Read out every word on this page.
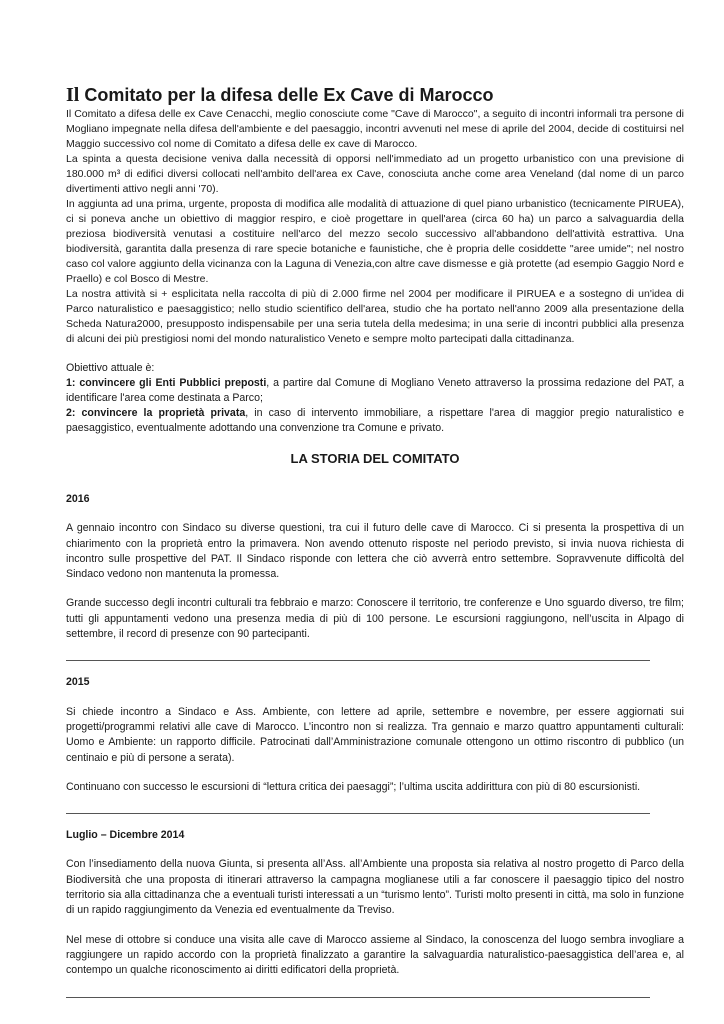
Il Comitato per la difesa delle Ex Cave di Marocco

Il Comitato a difesa delle ex Cave Cenacchi, meglio conosciute come "Cave di Marocco", a seguito di incontri informali tra persone di Mogliano impegnate nella difesa dell'ambiente e del paesaggio, incontri avvenuti nel mese di aprile del 2004, decide di costituirsi nel Maggio successivo col nome di Comitato a difesa delle ex cave di Marocco.

La spinta a questa decisione veniva dalla necessità di opporsi nell'immediato ad un progetto urbanistico con una previsione di 180.000 m³ di edifici diversi collocati nell'ambito dell'area ex Cave, conosciuta anche come area Veneland (dal nome di un parco divertimenti attivo negli anni '70).

In aggiunta ad una prima, urgente, proposta di modifica alle modalità di attuazione di quel piano urbanistico (tecnicamente PIRUEA), ci si poneva anche un obiettivo di maggior respiro, e cioè progettare in quell'area (circa 60 ha) un parco a salvaguardia della preziosa biodiversità venutasi a costituire nell'arco del mezzo secolo successivo all'abbandono dell'attività estrattiva. Una biodiversità, garantita dalla presenza di rare specie botaniche e faunistiche, che è propria delle cosiddette "aree umide"; nel nostro caso col valore aggiunto della vicinanza con la Laguna di Venezia,con altre cave dismesse e già protette (ad esempio Gaggio Nord e Praello) e col Bosco di Mestre.

La nostra attività si + esplicitata nella raccolta di più di 2.000 firme nel 2004 per modificare il PIRUEA e a sostegno di un'idea di Parco naturalistico e paesaggistico; nello studio scientifico dell'area, studio che ha portato nell'anno 2009 alla presentazione della Scheda Natura2000, presupposto indispensabile per una seria tutela della medesima; in una serie di incontri pubblici alla presenza di alcuni dei più prestigiosi nomi del mondo naturalistico Veneto e sempre molto partecipati dalla cittadinanza.

Obiettivo attuale è:

1: convincere gli Enti Pubblici preposti, a partire dal Comune di Mogliano Veneto attraverso la prossima redazione del PAT, a identificare l'area come destinata a Parco;

2: convincere la proprietà privata, in caso di intervento immobiliare, a rispettare l'area di maggior pregio naturalistico e paesaggistico, eventualmente adottando una convenzione tra Comune e privato.

LA STORIA DEL COMITATO

2016

A gennaio incontro con Sindaco su diverse questioni, tra cui il futuro delle cave di Marocco. Ci si presenta la prospettiva di un chiarimento con la proprietà entro la primavera. Non avendo ottenuto risposte nel periodo previsto, si invia nuova richiesta di incontro sulle prospettive del PAT. Il Sindaco risponde con lettera che ciò avverrà entro settembre. Sopravvenute difficoltà del Sindaco vedono non mantenuta la promessa.

Grande successo degli incontri culturali tra febbraio e marzo: Conoscere il territorio, tre conferenze e Uno sguardo diverso, tre film; tutti gli appuntamenti vedono una presenza media di più di 100 persone. Le escursioni raggiungono, nell’uscita in Alpago di settembre, il record di presenze con 90 partecipanti.

2015

Si chiede incontro a Sindaco e Ass. Ambiente, con lettere ad aprile, settembre e novembre, per essere aggiornati sui progetti/programmi relativi alle cave di Marocco. L’incontro non si realizza. Tra gennaio e marzo quattro appuntamenti culturali: Uomo e Ambiente: un rapporto difficile. Patrocinati dall’Amministrazione comunale ottengono un ottimo riscontro di pubblico (un centinaio e più di persone a serata).

Continuano con successo le escursioni di “lettura critica dei paesaggi”; l’ultima uscita addirittura con più di 80 escursionisti.

Luglio – Dicembre 2014

Con l’insediamento della nuova Giunta, si presenta all’Ass. all’Ambiente una proposta sia relativa al nostro progetto di Parco della Biodiversità che una proposta di itinerari attraverso la campagna moglianese utili a far conoscere il paesaggio tipico del nostro territorio sia alla cittadinanza che a eventuali turisti interessati a un “turismo lento”. Turisti molto presenti in città, ma solo in funzione di un rapido raggiungimento da Venezia ed eventualmente da Treviso.

Nel mese di ottobre si conduce una visita alle cave di Marocco assieme al Sindaco, la conoscenza del luogo sembra invogliare a raggiungere un rapido accordo con la proprietà finalizzato a garantire la salvaguardia naturalistico-paesaggistica dell’area e, al contempo un qualche riconoscimento ai diritti edificatori della proprietà.
